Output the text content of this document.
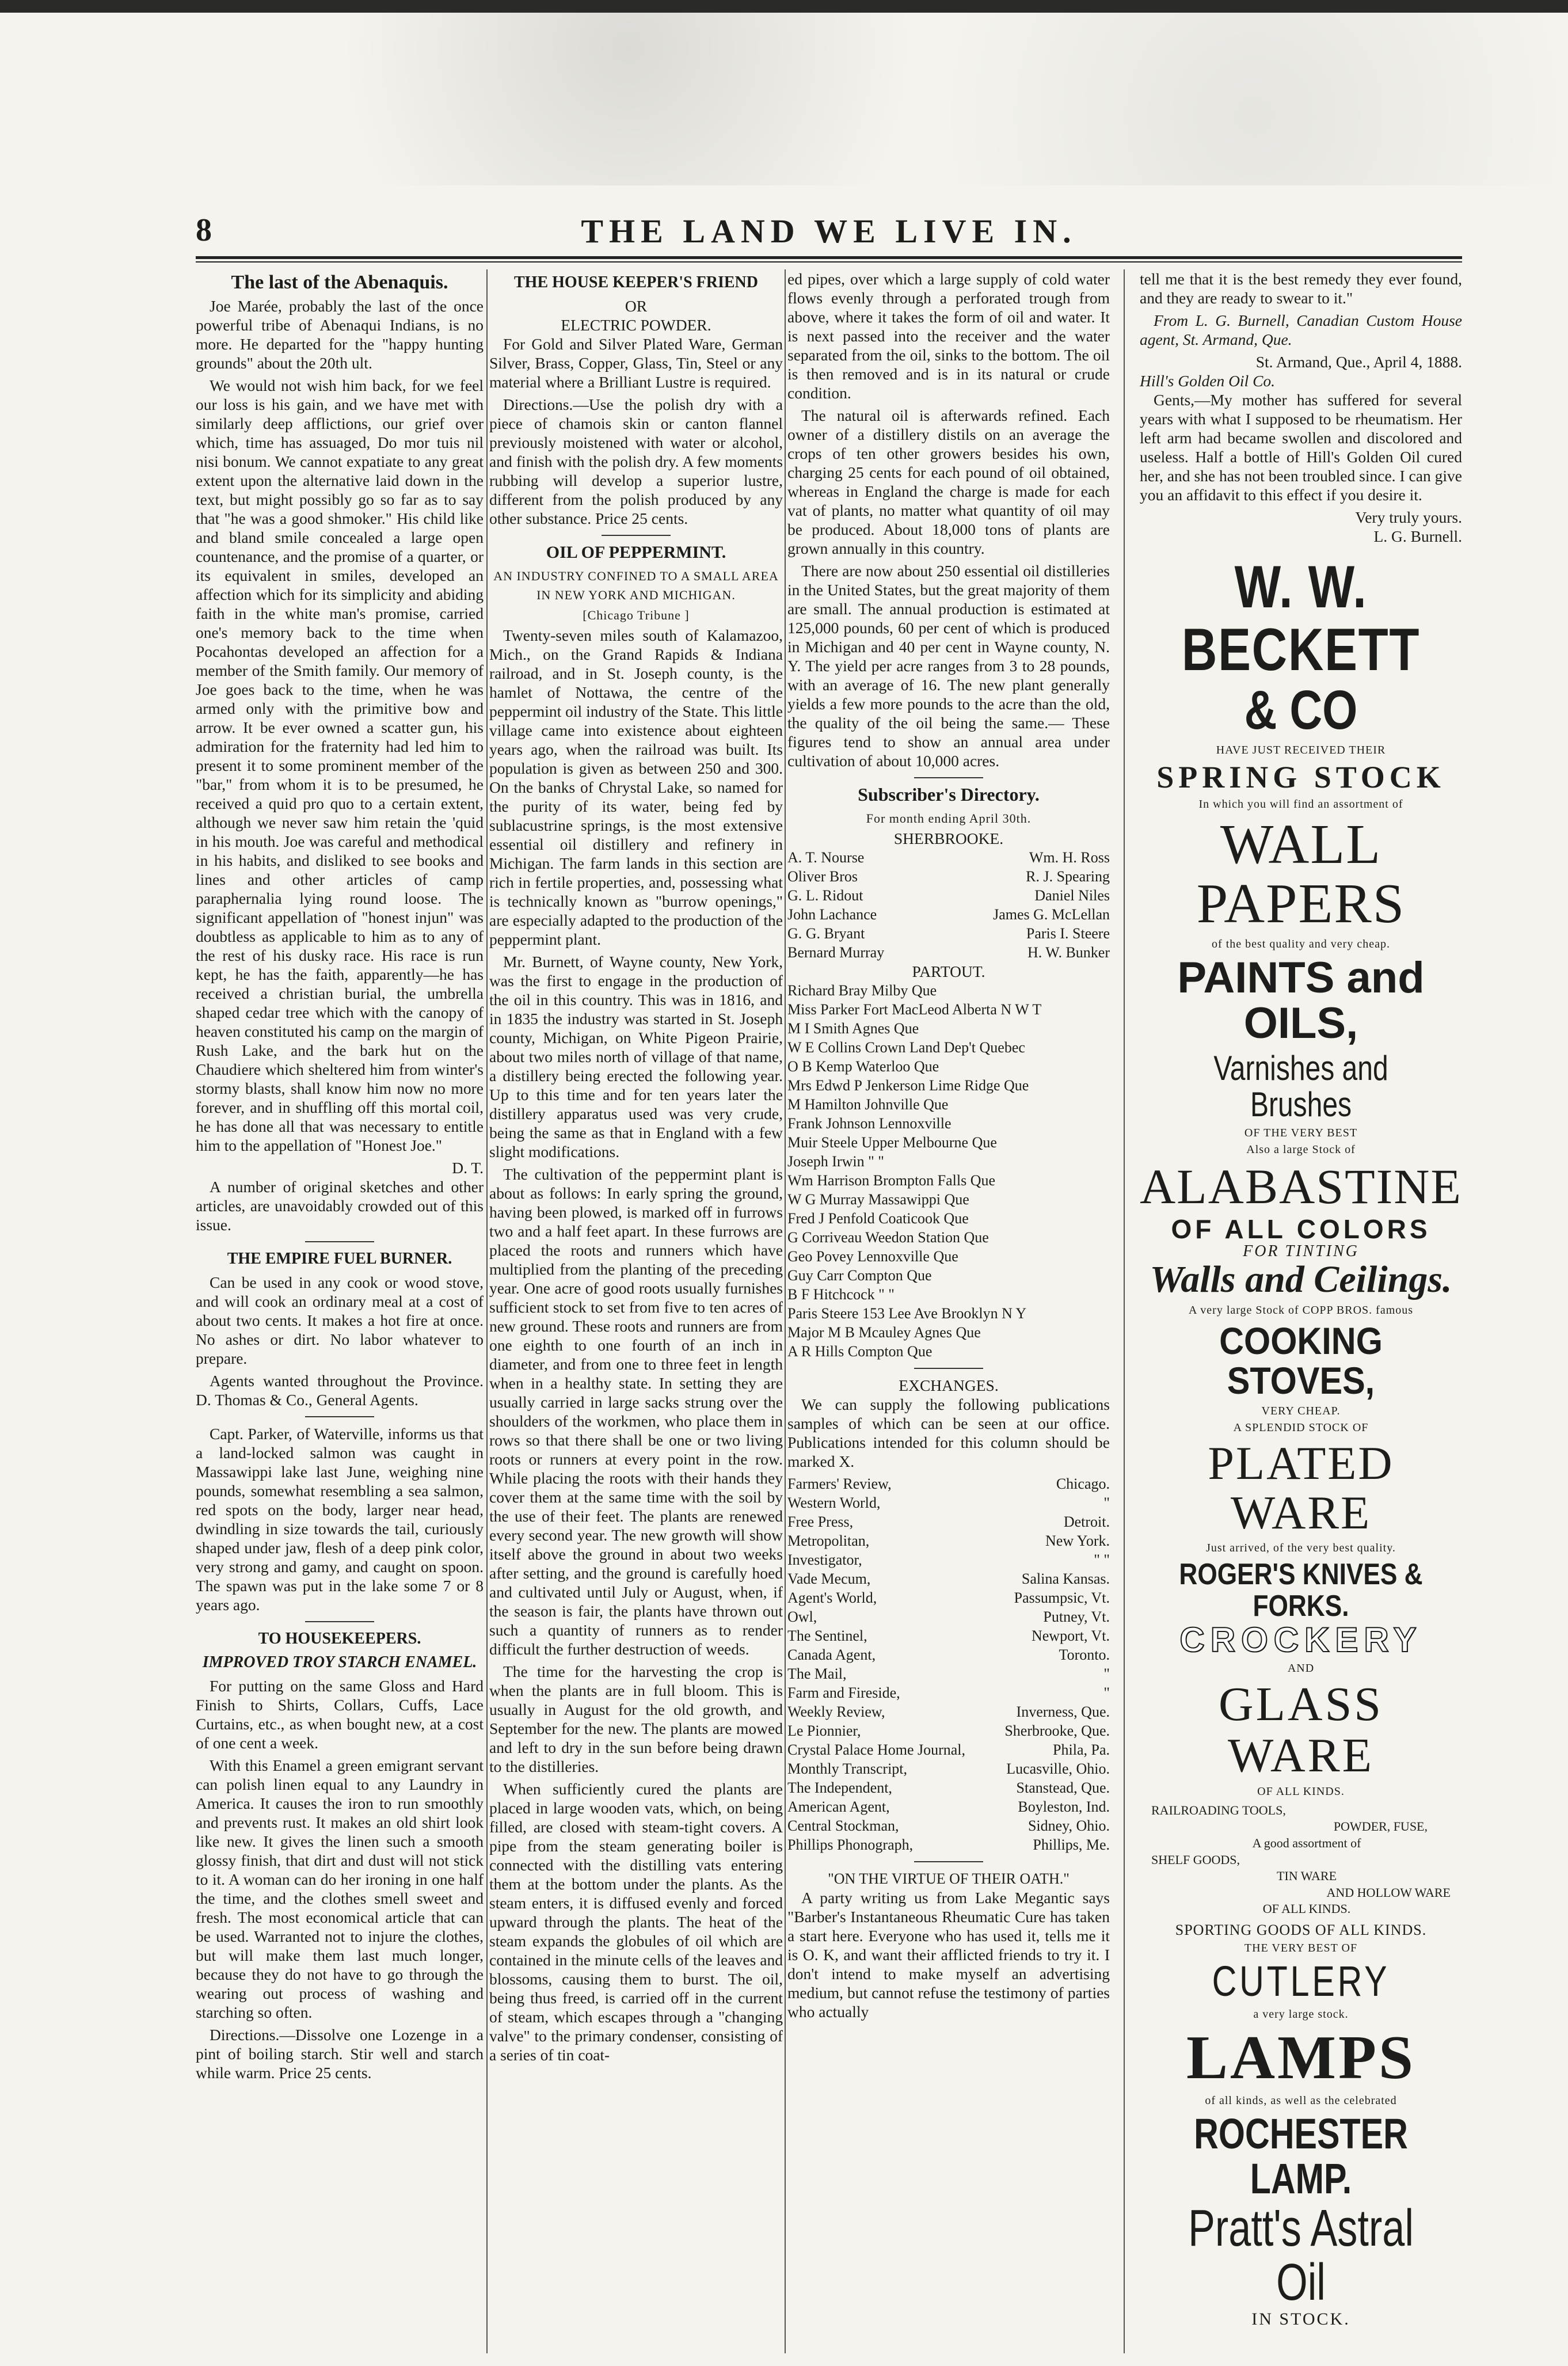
8	THE LAND WE LIVE IN.
The last of the Abenaquis.

Joe Marée, probably the last of the once powerful tribe of Abenaqui Indians, is no more. He departed for the "happy hunting grounds" about the 20th ult.

We would not wish him back, for we feel our loss is his gain, and we have met with similarly deep afflictions, our grief over which, time has assuaged, Do mor tuis nil nisi bonum. We cannot expatiate to any great extent upon the alternative laid down in the text, but might possibly go so far as to say that "he was a good shmoker." His child like and bland smile concealed a large open countenance, and the promise of a quarter, or its equivalent in smiles, developed an affection which for its simplicity and abiding faith in the white man's promise, carried one's memory back to the time when Pocahontas developed an affection for a member of the Smith family. Our memory of Joe goes back to the time, when he was armed only with the primitive bow and arrow. It be ever owned a scatter gun, his admiration for the fraternity had led him to present it to some prominent member of the "bar," from whom it is to be presumed, he received a quid pro quo to a certain extent, although we never saw him retain the 'quid in his mouth. Joe was careful and methodical in his habits, and disliked to see books and lines and other articles of camp paraphernalia lying round loose. The significant appellation of "honest injun" was doubtless as applicable to him as to any of the rest of his dusky race. His race is run kept, he has the faith, apparently—he has received a christian burial, the umbrella shaped cedar tree which with the canopy of heaven constituted his camp on the margin of Rush Lake, and the bark hut on the Chaudiere which sheltered him from winter's stormy blasts, shall know him now no more forever, and in shuffling off this mortal coil, he has done all that was necessary to entitle him to the appellation of "Honest Joe."

D. T.

A number of original sketches and other articles, are unavoidably crowded out of this issue.

THE EMPIRE FUEL BURNER.

Can be used in any cook or wood stove, and will cook an ordinary meal at a cost of about two cents. It makes a hot fire at once. No ashes or dirt. No labor whatever to prepare.

Agents wanted throughout the Province. D. Thomas & Co., General Agents.

Capt. Parker, of Waterville, informs us that a land-locked salmon was caught in Massawippi lake last June, weighing nine pounds, somewhat resembling a sea salmon, red spots on the body, larger near head, dwindling in size towards the tail, curiously shaped under jaw, flesh of a deep pink color, very strong and gamy, and caught on spoon. The spawn was put in the lake some 7 or 8 years ago.

TO HOUSEKEEPERS.
IMPROVED TROY STARCH ENAMEL.

For putting on the same Gloss and Hard Finish to Shirts, Collars, Cuffs, Lace Curtains, etc., as when bought new, at a cost of one cent a week.

With this Enamel a green emigrant servant can polish linen equal to any Laundry in America. It causes the iron to run smoothly and prevents rust. It makes an old shirt look like new. It gives the linen such a smooth glossy finish, that dirt and dust will not stick to it. A woman can do her ironing in one half the time, and the clothes smell sweet and fresh. The most economical article that can be used. Warranted not to injure the clothes, but will make them last much longer, because they do not have to go through the wearing out process of washing and starching so often.

Directions.—Dissolve one Lozenge in a pint of boiling starch. Stir well and starch while warm. Price 25 cents.

THE HOUSE KEEPER'S FRIEND
OR
ELECTRIC POWDER.

For Gold and Silver Plated Ware, German Silver, Brass, Copper, Glass, Tin, Steel or any material where a Brilliant Lustre is required.

Directions.—Use the polish dry with a piece of chamois skin or canton flannel previously moistened with water or alcohol, and finish with the polish dry. A few moments rubbing will develop a superior lustre, different from the polish produced by any other substance. Price 25 cents.

OIL OF PEPPERMINT.
AN INDUSTRY CONFINED TO A SMALL AREA IN NEW YORK AND MICHIGAN.
[Chicago Tribune ]

Twenty-seven miles south of Kalamazoo, Mich., on the Grand Rapids & Indiana railroad, and in St. Joseph county, is the hamlet of Nottawa, the centre of the peppermint oil industry of the State. This little village came into existence about eighteen years ago, when the railroad was built. Its population is given as between 250 and 300. On the banks of Chrystal Lake, so named for the purity of its water, being fed by sublacustrine springs, is the most extensive essential oil distillery and refinery in Michigan. The farm lands in this section are rich in fertile properties, and, possessing what is technically known as "burrow openings," are especially adapted to the production of the peppermint plant.

Mr. Burnett, of Wayne county, New York, was the first to engage in the production of the oil in this country. This was in 1816, and in 1835 the industry was started in St. Joseph county, Michigan, on White Pigeon Prairie, about two miles north of village of that name, a distillery being erected the following year. Up to this time and for ten years later the distillery apparatus used was very crude, being the same as that in England with a few slight modifications.

The cultivation of the peppermint plant is about as follows: In early spring the ground, having been plowed, is marked off in furrows two and a half feet apart. In these furrows are placed the roots and runners which have multiplied from the planting of the preceding year. One acre of good roots usually furnishes sufficient stock to set from five to ten acres of new ground. These roots and runners are from one eighth to one fourth of an inch in diameter, and from one to three feet in length when in a healthy state. In setting they are usually carried in large sacks strung over the shoulders of the workmen, who place them in rows so that there shall be one or two living roots or runners at every point in the row. While placing the roots with their hands they cover them at the same time with the soil by the use of their feet. The plants are renewed every second year. The new growth will show itself above the ground in about two weeks after setting, and the ground is carefully hoed and cultivated until July or August, when, if the season is fair, the plants have thrown out such a quantity of runners as to render difficult the further destruction of weeds.

The time for the harvesting the crop is when the plants are in full bloom. This is usually in August for the old growth, and September for the new. The plants are mowed and left to dry in the sun before being drawn to the distilleries.

When sufficiently cured the plants are placed in large wooden vats, which, on being filled, are closed with steam-tight covers. A pipe from the steam generating boiler is connected with the distilling vats entering them at the bottom under the plants. As the steam enters, it is diffused evenly and forced upward through the plants. The heat of the steam expands the globules of oil which are contained in the minute cells of the leaves and blossoms, causing them to burst. The oil, being thus freed, is carried off in the current of steam, which escapes through a "changing valve" to the primary condenser, consisting of a series of tin coat-

ed pipes, over which a large supply of cold water flows evenly through a perforated trough from above, where it takes the form of oil and water. It is next passed into the receiver and the water separated from the oil, sinks to the bottom. The oil is then removed and is in its natural or crude condition.

The natural oil is afterwards refined. Each owner of a distillery distils on an average the crops of ten other growers besides his own, charging 25 cents for each pound of oil obtained, whereas in England the charge is made for each vat of plants, no matter what quantity of oil may be produced. About 18,000 tons of plants are grown annually in this country.

There are now about 250 essential oil distilleries in the United States, but the great majority of them are small. The annual production is estimated at 125,000 pounds, 60 per cent of which is produced in Michigan and 40 per cent in Wayne county, N. Y. The yield per acre ranges from 3 to 28 pounds, with an average of 16. The new plant generally yields a few more pounds to the acre than the old, the quality of the oil being the same.— These figures tend to show an annual area under cultivation of about 10,000 acres.

Subscriber's Directory.
For month ending April 30th.
SHERBROOKE.
A. T. Nourse	Wm. H. Ross
Oliver Bros	R. J. Spearing
G. L. Ridout	Daniel Niles
John Lachance	James G. McLellan
G. G. Bryant	Paris I. Steere
Bernard Murray	H. W. Bunker
PARTOUT.
Richard Bray Milby Que
Miss Parker Fort MacLeod Alberta N W T
M I Smith Agnes Que
W E Collins Crown Land Dep't Quebec
O B Kemp Waterloo Que
Mrs Edwd P Jenkerson Lime Ridge Que
M Hamilton Johnville Que
Frank Johnson Lennoxville
Muir Steele Upper Melbourne Que
Joseph Irwin " "
Wm Harrison Brompton Falls Que
W G Murray Massawippi Que
Fred J Penfold Coaticook Que
G Corriveau Weedon Station Que
Geo Povey Lennoxville Que
Guy Carr Compton Que
B F Hitchcock " "
Paris Steere 153 Lee Ave Brooklyn N Y
Major M B Mcauley Agnes Que
A R Hills Compton Que
EXCHANGES.

We can supply the following publications samples of which can be seen at our office. Publications intended for this column should be marked X.

Farmers' Review,	Chicago.
Western World,	"
Free Press,	Detroit.
Metropolitan,	New York.
Investigator,	" "
Vade Mecum,	Salina Kansas.
Agent's World,	Passumpsic, Vt.
Owl,	Putney, Vt.
The Sentinel,	Newport, Vt.
Canada Agent,	Toronto.
The Mail,	"
Farm and Fireside,	"
Weekly Review,	Inverness, Que.
Le Pionnier,	Sherbrooke, Que.
Crystal Palace Home Journal,	Phila, Pa.
Monthly Transcript,	Lucasville, Ohio.
The Independent,	Stanstead, Que.
American Agent,	Boyleston, Ind.
Central Stockman,	Sidney, Ohio.
Phillips Phonograph,	Phillips, Me.
"ON THE VIRTUE OF THEIR OATH."

A party writing us from Lake Megantic says "Barber's Instantaneous Rheumatic Cure has taken a start here. Everyone who has used it, tells me it is O. K, and want their afflicted friends to try it. I don't intend to make myself an advertising medium, but cannot refuse the testimony of parties who actually

tell me that it is the best remedy they ever found, and they are ready to swear to it."

From L. G. Burnell, Canadian Custom House agent, St. Armand, Que.

St. Armand, Que., April 4, 1888.
Hill's Golden Oil Co.

Gents,—My mother has suffered for several years with what I supposed to be rheumatism. Her left arm had became swollen and discolored and useless. Half a bottle of Hill's Golden Oil cured her, and she has not been troubled since. I can give you an affidavit to this effect if you desire it.

Very truly yours.
L. G. Burnell.
W. W. BECKETT
& CO
HAVE JUST RECEIVED THEIR
SPRING STOCK
In which you will find an assortment of
WALL PAPERS
of the best quality and very cheap.
PAINTS and OILS,
Varnishes and Brushes
OF THE VERY BEST
Also a large Stock of
ALABASTINE
OF ALL COLORS
FOR TINTING
Walls and Ceilings.
A very large Stock of COPP BROS. famous
COOKING STOVES,
VERY CHEAP.
A SPLENDID STOCK OF
PLATED WARE
Just arrived, of the very best quality.
ROGER'S KNIVES & FORKS.
CROCKERY
AND
GLASS WARE
OF ALL KINDS.
RAILROADING TOOLS,
POWDER, FUSE,
A good assortment of
SHELF GOODS,
TIN WARE
AND HOLLOW WARE
OF ALL KINDS.
SPORTING GOODS OF ALL KINDS.
THE VERY BEST OF
CUTLERY
a very large stock.
LAMPS
of all kinds, as well as the celebrated
ROCHESTER LAMP.
Pratt's Astral Oil
IN STOCK.
